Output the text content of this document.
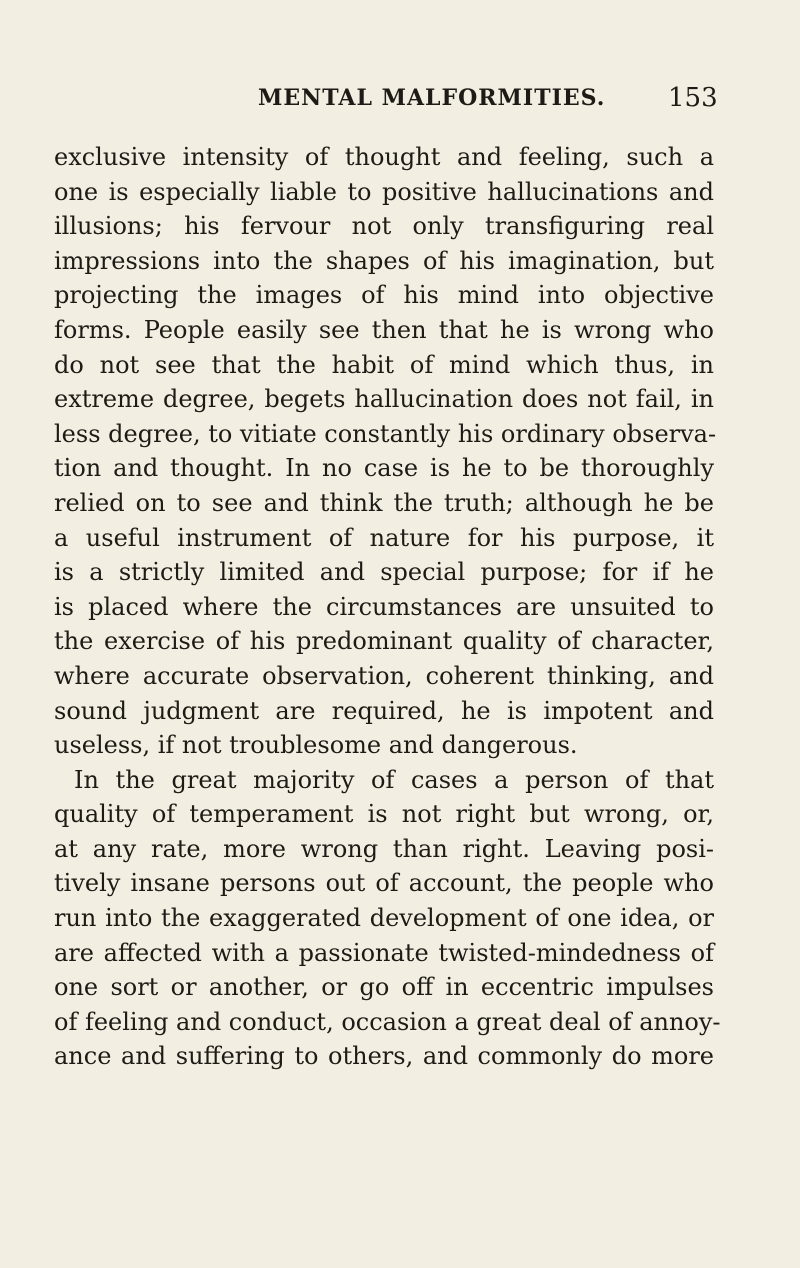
MENTAL MALFORMITIES. 153
exclusive intensity of thought and feeling, such a
one is especially liable to positive hallucinations and
illusions; his fervour not only transfiguring real
impressions into the shapes of his imagination, but
projecting the images of his mind into objective
forms. People easily see then that he is wrong who
do not see that the habit of mind which thus, in
extreme degree, begets hallucination does not fail, in
less degree, to vitiate constantly his ordinary observa-
tion and thought. In no case is he to be thoroughly
relied on to see and think the truth; although he be
a useful instrument of nature for his purpose, it
is a strictly limited and special purpose; for if he
is placed where the circumstances are unsuited to
the exercise of his predominant quality of character,
where accurate observation, coherent thinking, and
sound judgment are required, he is impotent and
useless, if not troublesome and dangerous.
In the great majority of cases a person of that
quality of temperament is not right but wrong, or,
at any rate, more wrong than right. Leaving posi-
tively insane persons out of account, the people who
run into the exaggerated development of one idea, or
are affected with a passionate twisted-mindedness of
one sort or another, or go off in eccentric impulses
of feeling and conduct, occasion a great deal of annoy-
ance and suffering to others, and commonly do more
